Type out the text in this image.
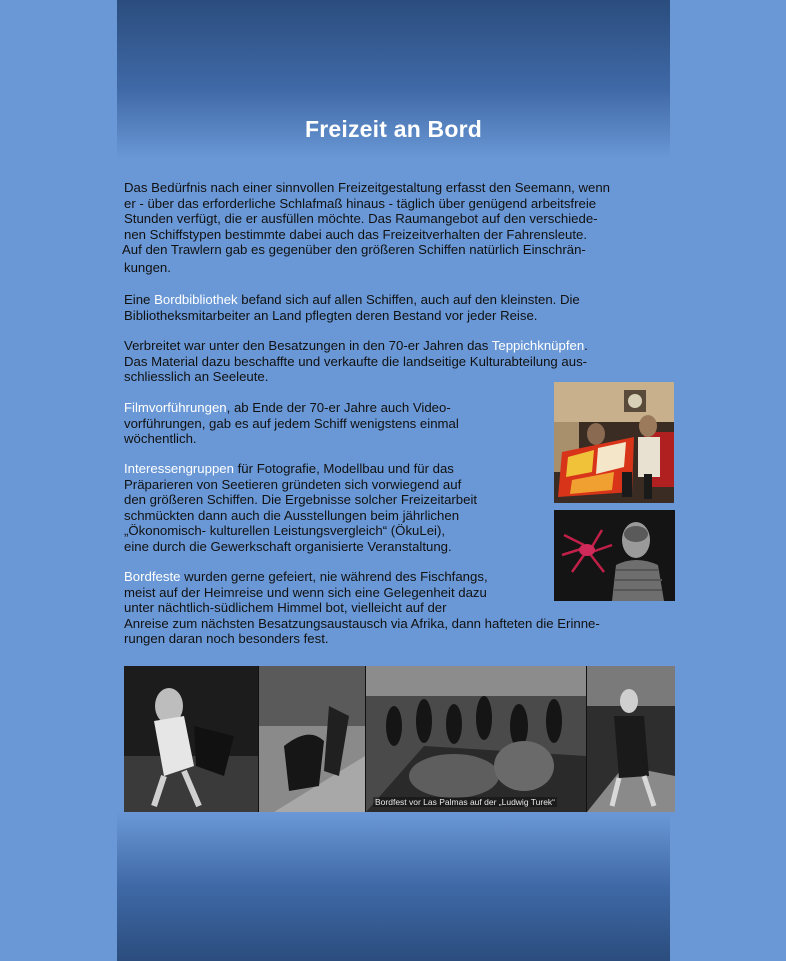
Freizeit an Bord
Das Bedürfnis nach einer sinnvollen Freizeitgestaltung erfasst den Seemann, wenn
er - über das erforderliche Schlafmaß hinaus - täglich über genügend arbeitsfreie
Stunden verfügt, die er ausfüllen möchte. Das Raumangebot auf den verschiede-
nen Schiffstypen bestimmte dabei auch das Freizeitverhalten der Fahrensleute.
Auf den Trawlern gab es gegenüber den größeren Schiffen natürlich Einschrän-
kungen.
Eine Bordbibliothek befand sich auf allen Schiffen, auch auf den kleinsten. Die
Bibliotheksmitarbeiter an Land pflegten deren Bestand vor jeder Reise.
Verbreitet war unter den Besatzungen in den 70-er Jahren das Teppichknüpfen.
Das Material dazu beschaffte und verkaufte die landseitige Kulturabteilung aus-
schliesslich an Seeleute.
Filmvorführungen, ab Ende der 70-er Jahre auch Video-
vorführungen, gab es auf jedem Schiff wenigstens einmal
wöchentlich.
Interessengruppen für Fotografie, Modellbau und für das
Präparieren von Seetieren gründeten sich vorwiegend auf
den größeren Schiffen. Die Ergebnisse solcher Freizeitarbeit
schmückten dann auch die Ausstellungen beim jährlichen
„Ökonomisch- kulturellen Leistungsvergleich“ (ÖkuLei),
eine durch die Gewerkschaft organisierte Veranstaltung.
Bordfeste wurden gerne gefeiert, nie während des Fischfangs,
meist auf der Heimreise und wenn sich eine Gelegenheit dazu
unter nächtlich-südlichem Himmel bot, vielleicht auf der
Anreise zum nächsten Besatzungsaustausch via Afrika, dann hafteten die Erinne-
rungen daran noch besonders fest.
Bordfest vor Las Palmas auf der „Ludwig Turek“
